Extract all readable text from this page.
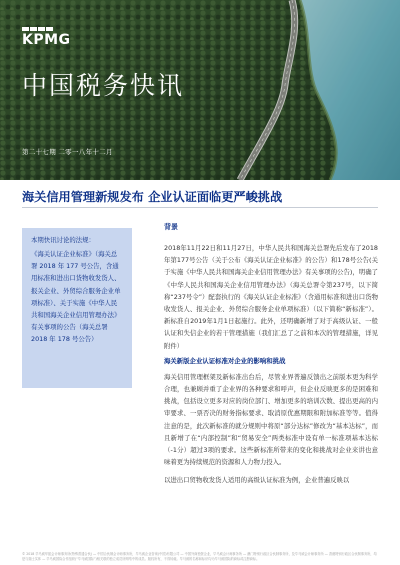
KPMG
中国税务快讯
第二十七期 二零一八年十二月
海关信用管理新规发布 企业认证面临更严峻挑战
本期快讯讨论的法规：
《海关认证企业标准》（海关总署 2018 年 177 号公告，含通用标准和进出口货物收发货人、报关企业、外贸综合服务企业单项标准）、关于实施《中华人民共和国海关企业信用管理办法》有关事项的公告（海关总署 2018 年 178 号公告）
背景

2018年11月22日和11月27日，中华人民共和国海关总署先后发布了2018年第177号公告（关于公布《海关认证企业标准》的公告）和178号公告(关于实施《中华人民共和国海关企业信用管理办法》有关事项的公告)，明确了《中华人民共和国海关企业信用管理办法》（海关总署令第237号，以下简称“237号令”）配套执行的《海关认证企业标准》（含通用标准和进出口货物收发货人、报关企业、外贸综合服务企业单项标准）（以下简称“新标准”）。新标准自2019年1月1日起施行。此外，还明确新增了对于高级认证、一般认证和失信企业的若干管理措施（我们汇总了之前和本次的管理措施，详见附件）

海关新版企业认证标准对企业的影响和挑战

海关信用管理框架及新标准出台后，尽管业界普遍反馈出之前版本更为科学合理，也兼顾并重了企业界的各种要求和呼声，但企业反映更多的是困难和挑战，包括设立更多对应的岗位部门、增加更多的培训次数、提出更高的内审要求、一票否决的财务指标要求、取消原优惠期限和附加标准等等。值得注意的是，此次新标准的就分规则中将原“部分达标”修改为“基本达标”，而且新增了在“内部控制”和“贸易安全”两类标准中设有单一标准项基本达标（-1分）超过3项的要求。这些新标准所带来的变化和挑战对企业来讲也意味着更为持续规范的资源和人力物力投入。

以进出口贸物收发货人适用的高级认证标准为例，企业普遍反映以

© 2018 毕马威华振会计师事务所(特殊普通合伙) — 中国合伙制会计师事务所，毕马威企业咨询(中国)有限公司 — 中国外商独资企业，毕马威会计师事务所 — 澳门特别行政区合伙制事务所，及毕马威会计师事务所 — 香港特别行政区合伙制事务所，均是与瑞士实体 — 毕马威国际合作组织(“毕马威国际”)相关联的独立成员所网络中的成员。版权所有，不得转载。毕马威的名称和标识均为毕马威国际的商标或注册商标。
